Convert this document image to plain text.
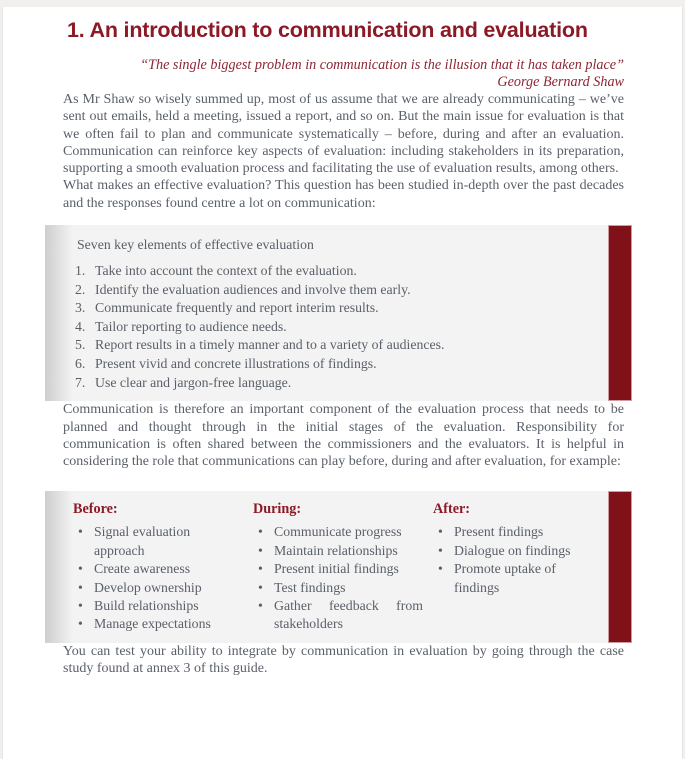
1. An introduction to communication and evaluation
“The single biggest problem in communication is the illusion that it has taken place”
George Bernard Shaw

As Mr Shaw so wisely summed up, most of us assume that we are already communicating – we’ve sent out emails, held a meeting, issued a report, and so on. But the main issue for evaluation is that we often fail to plan and communicate systematically – before, during and after an evaluation. Communication can reinforce key aspects of evaluation: including stakeholders in its preparation, supporting a smooth evaluation process and facilitating the use of evaluation results, among others.

What makes an effective evaluation? This question has been studied in-depth over the past decades and the responses found centre a lot on communication:

Seven key elements of effective evaluation
1. Take into account the context of the evaluation.
2. Identify the evaluation audiences and involve them early.
3. Communicate frequently and report interim results.
4. Tailor reporting to audience needs.
5. Report results in a timely manner and to a variety of audiences.
6. Present vivid and concrete illustrations of findings.
7. Use clear and jargon-free language.

Communication is therefore an important component of the evaluation process that needs to be planned and thought through in the initial stages of the evaluation. Responsibility for communication is often shared between the commissioners and the evaluators. It is helpful in considering the role that communications can play before, during and after evaluation, for example:

Before:
• Signal evaluation approach
• Create awareness
• Develop ownership
• Build relationships
• Manage expectations
During:
• Communicate progress
• Maintain relationships
• Present initial findings
• Test findings
• Gather feedback from stakeholders
After:
• Present findings
• Dialogue on findings
• Promote uptake of findings

You can test your ability to integrate by communication in evaluation by going through the case study found at annex 3 of this guide.
